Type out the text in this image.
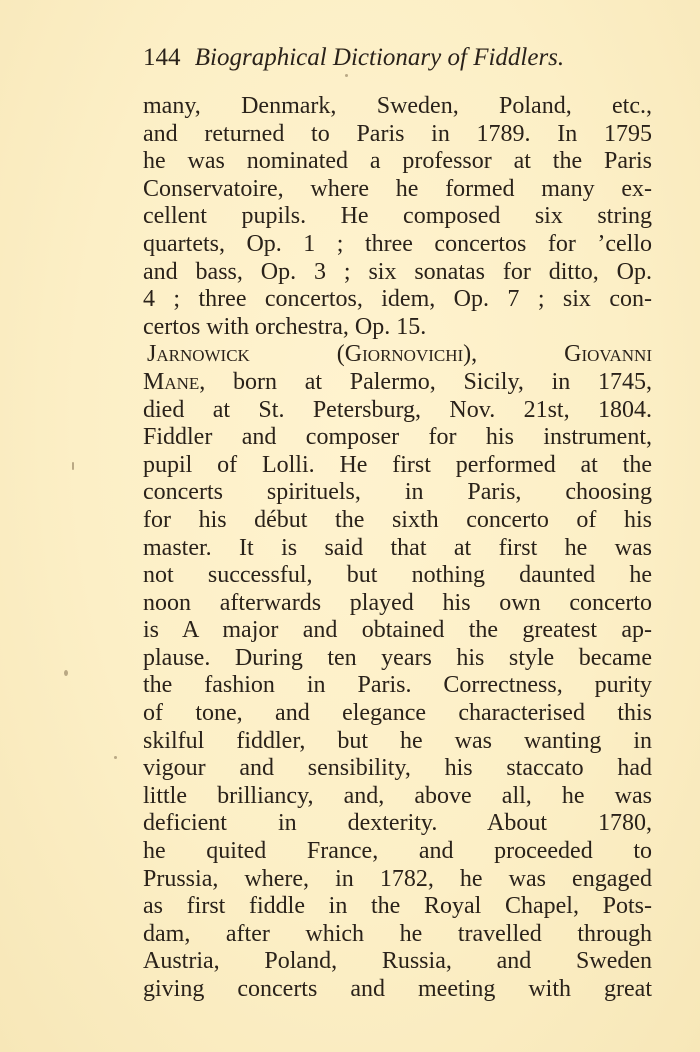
144 Biographical Dictionary of Fiddlers.
many, Denmark, Sweden, Poland, etc.,
and returned to Paris in 1789. In 1795
he was nominated a professor at the Paris
Conservatoire, where he formed many ex-
cellent pupils. He composed six string
quartets, Op. 1 ; three concertos for ’cello
and bass, Op. 3 ; six sonatas for ditto, Op.
4 ; three concertos, idem, Op. 7 ; six con-
certos with orchestra, Op. 15.
Jarnowick (Giornovichi), Giovanni
Mane, born at Palermo, Sicily, in 1745,
died at St. Petersburg, Nov. 21st, 1804.
Fiddler and composer for his instrument,
pupil of Lolli. He first performed at the
concerts spirituels, in Paris, choosing
for his début the sixth concerto of his
master. It is said that at first he was
not successful, but nothing daunted he
noon afterwards played his own concerto
is A major and obtained the greatest ap-
plause. During ten years his style became
the fashion in Paris. Correctness, purity
of tone, and elegance characterised this
skilful fiddler, but he was wanting in
vigour and sensibility, his staccato had
little brilliancy, and, above all, he was
deficient in dexterity. About 1780,
he quited France, and proceeded to
Prussia, where, in 1782, he was engaged
as first fiddle in the Royal Chapel, Pots-
dam, after which he travelled through
Austria, Poland, Russia, and Sweden
giving concerts and meeting with great
